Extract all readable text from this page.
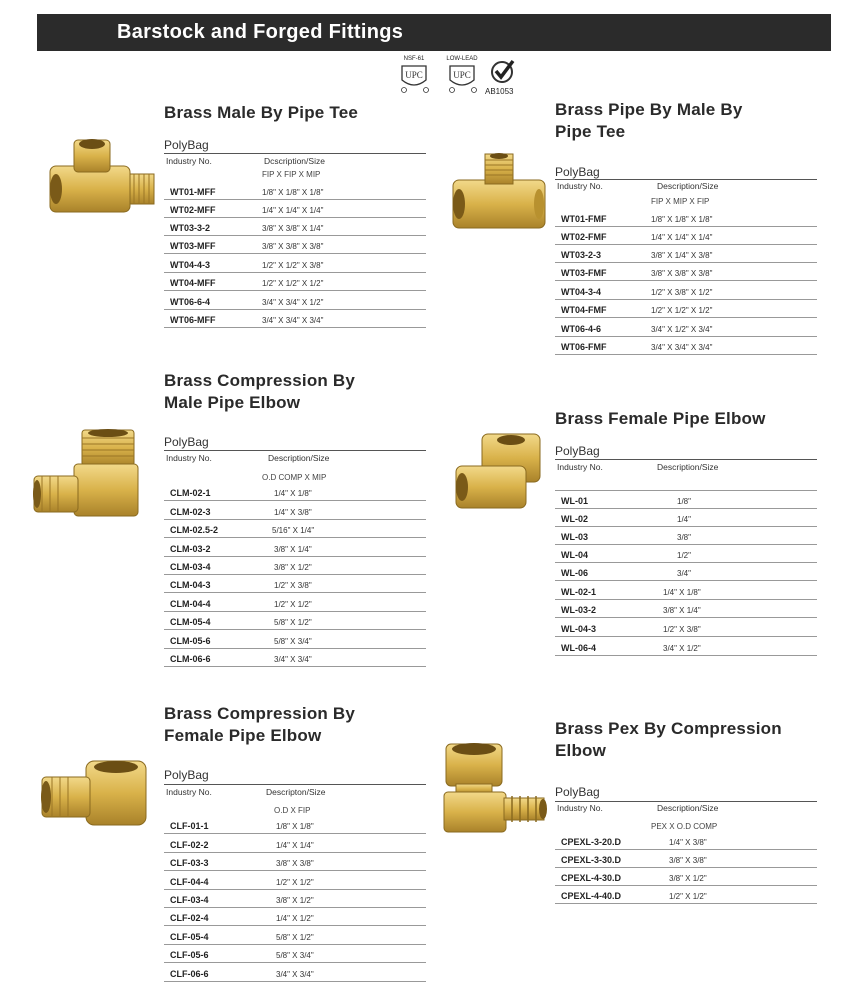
Barstock and Forged Fittings
NSF-61
UPC
LOW-LEAD
UPC
AB1053
Brass Male By Pipe Tee
PolyBag
Industry No.	Dcscription/Size
FIP X FIP X MIP
WT01-MFF	1/8" X 1/8" X 1/8"
WT02-MFF	1/4" X 1/4" X 1/4"
WT03-3-2	3/8" X 3/8" X 1/4"
WT03-MFF	3/8" X 3/8" X 3/8"
WT04-4-3	1/2" X 1/2" X 3/8"
WT04-MFF	1/2" X 1/2" X 1/2"
WT06-6-4	3/4" X 3/4" X 1/2"
WT06-MFF	3/4" X 3/4" X 3/4"
Brass Pipe By Male By
Pipe Tee
PolyBag
Industry No.	Description/Size
FIP X MIP X FIP
WT01-FMF	1/8" X 1/8" X 1/8"
WT02-FMF	1/4" X 1/4" X 1/4"
WT03-2-3	3/8" X 1/4" X 3/8"
WT03-FMF	3/8" X 3/8" X 3/8"
WT04-3-4	1/2" X 3/8" X 1/2"
WT04-FMF	1/2" X 1/2" X 1/2"
WT06-4-6	3/4" X 1/2" X 3/4"
WT06-FMF	3/4" X 3/4" X 3/4"
Brass Compression By
Male Pipe Elbow
PolyBag
Industry No.	Description/Size
O.D COMP X MIP
CLM-02-1	1/4" X 1/8"
CLM-02-3	1/4" X 3/8"
CLM-02.5-2	5/16" X 1/4"
CLM-03-2	3/8" X 1/4"
CLM-03-4	3/8" X 1/2"
CLM-04-3	1/2" X 3/8"
CLM-04-4	1/2" X 1/2"
CLM-05-4	5/8" X 1/2"
CLM-05-6	5/8" X 3/4"
CLM-06-6	3/4" X 3/4"
Brass Female Pipe Elbow
PolyBag
Industry No.	Description/Size
WL-01	1/8"
WL-02	1/4"
WL-03	3/8"
WL-04	1/2"
WL-06	3/4"
WL-02-1	1/4" X 1/8"
WL-03-2	3/8" X 1/4"
WL-04-3	1/2" X 3/8"
WL-06-4	3/4" X 1/2"
Brass Compression By
Female Pipe Elbow
PolyBag
Industry No.	Descripton/Size
O.D X FIP
CLF-01-1	1/8" X 1/8"
CLF-02-2	1/4" X 1/4"
CLF-03-3	3/8" X 3/8"
CLF-04-4	1/2" X 1/2"
CLF-03-4	3/8" X 1/2"
CLF-02-4	1/4" X 1/2"
CLF-05-4	5/8" X 1/2"
CLF-05-6	5/8" X 3/4"
CLF-06-6	3/4" X 3/4"
Brass Pex By Compression
Elbow
PolyBag
Industry No.	Description/Size
PEX X O.D COMP
CPEXL-3-20.D	1/4" X 3/8"
CPEXL-3-30.D	3/8" X 3/8"
CPEXL-4-30.D	3/8" X 1/2"
CPEXL-4-40.D	1/2" X 1/2"
